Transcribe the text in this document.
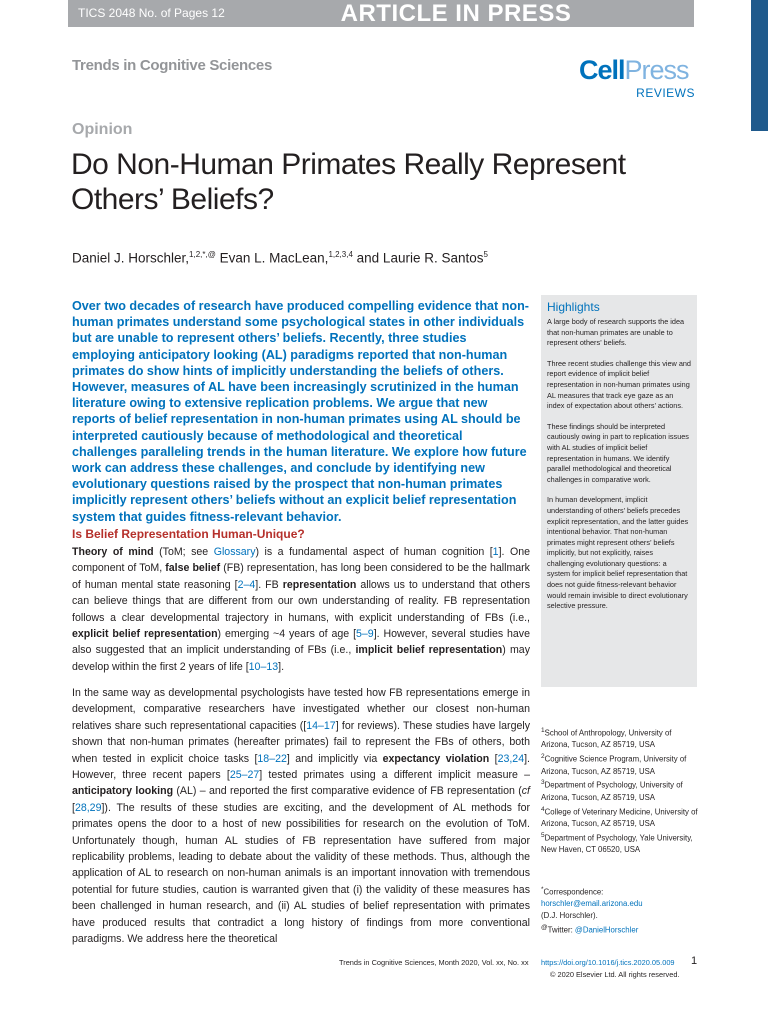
TICS 2048 No. of Pages 12	ARTICLE IN PRESS
Trends in Cognitive Sciences	CellPress
REVIEWS
Opinion
Do Non-Human Primates Really Represent Others’ Beliefs?
Daniel J. Horschler,$^{1,2,*,@}$ Evan L. MacLean,$^{1,2,3,4}$ and Laurie R. Santos$^5$
Over two decades of research have produced compelling evidence that non-human primates understand some psychological states in other individuals but are unable to represent others’ beliefs. Recently, three studies employing anticipatory looking (AL) paradigms reported that non-human primates do show hints of implicitly understanding the beliefs of others. However, measures of AL have been increasingly scrutinized in the human literature owing to extensive replication problems. We argue that new reports of belief representation in non-human primates using AL should be interpreted cautiously because of methodological and theoretical challenges paralleling trends in the human literature. We explore how future work can address these challenges, and conclude by identifying new evolutionary questions raised by the prospect that non-human primates implicitly represent others’ beliefs without an explicit belief representation system that guides fitness-relevant behavior.
Is Belief Representation Human-Unique?
Theory of mind (ToM; see Glossary) is a fundamental aspect of human cognition [1]. One component of ToM, false belief (FB) representation, has long been considered to be the hallmark of human mental state reasoning [2–4]. FB representation allows us to understand that others can believe things that are different from our own understanding of reality. FB representation follows a clear developmental trajectory in humans, with explicit understanding of FBs (i.e., explicit belief representation) emerging ~4 years of age [5–9]. However, several studies have also suggested that an implicit understanding of FBs (i.e., implicit belief representation) may develop within the first 2 years of life [10–13].
In the same way as developmental psychologists have tested how FB representations emerge in development, comparative researchers have investigated whether our closest non-human relatives share such representational capacities ([14–17] for reviews). These studies have largely shown that non-human primates (hereafter primates) fail to represent the FBs of others, both when tested in explicit choice tasks [18–22] and implicitly via expectancy violation [23,24]. However, three recent papers [25–27] tested primates using a different implicit measure – anticipatory looking (AL) – and reported the first comparative evidence of FB representation (cf [28,29]). The results of these studies are exciting, and the development of AL methods for primates opens the door to a host of new possibilities for research on the evolution of ToM. Unfortunately though, human AL studies of FB representation have suffered from major replicability problems, leading to debate about the validity of these methods. Thus, although the application of AL to research on non-human animals is an important innovation with tremendous potential for future studies, caution is warranted given that (i) the validity of these measures has been challenged in human research, and (ii) AL studies of belief representation with primates have produced results that contradict a long history of findings from more conventional paradigms. We address here the theoretical
Highlights

A large body of research supports the idea that non-human primates are unable to represent others’ beliefs.

Three recent studies challenge this view and report evidence of implicit belief representation in non-human primates using AL measures that track eye gaze as an index of expectation about others’ actions.

These findings should be interpreted cautiously owing in part to replication issues with AL studies of implicit belief representation in humans. We identify parallel methodological and theoretical challenges in comparative work.

In human development, implicit understanding of others’ beliefs precedes explicit representation, and the latter guides intentional behavior. That non-human primates might represent others’ beliefs implicitly, but not explicitly, raises challenging evolutionary questions: a system for implicit belief representation that does not guide fitness-relevant behavior would remain invisible to direct evolutionary selective pressure.

$^1$School of Anthropology, University of Arizona, Tucson, AZ 85719, USA

$^2$Cognitive Science Program, University of Arizona, Tucson, AZ 85719, USA

$^3$Department of Psychology, University of Arizona, Tucson, AZ 85719, USA

$^4$College of Veterinary Medicine, University of Arizona, Tucson, AZ 85719, USA

$^5$Department of Psychology, Yale University, New Haven, CT 06520, USA

*Correspondence:

horschler@email.arizona.edu

(D.J. Horschler).

@Twitter: @DanielHorschler

Trends in Cognitive Sciences, Month 2020, Vol. xx, No. xx	1
https://doi.org/10.1016/j.tics.2020.05.009
© 2020 Elsevier Ltd. All rights reserved.
